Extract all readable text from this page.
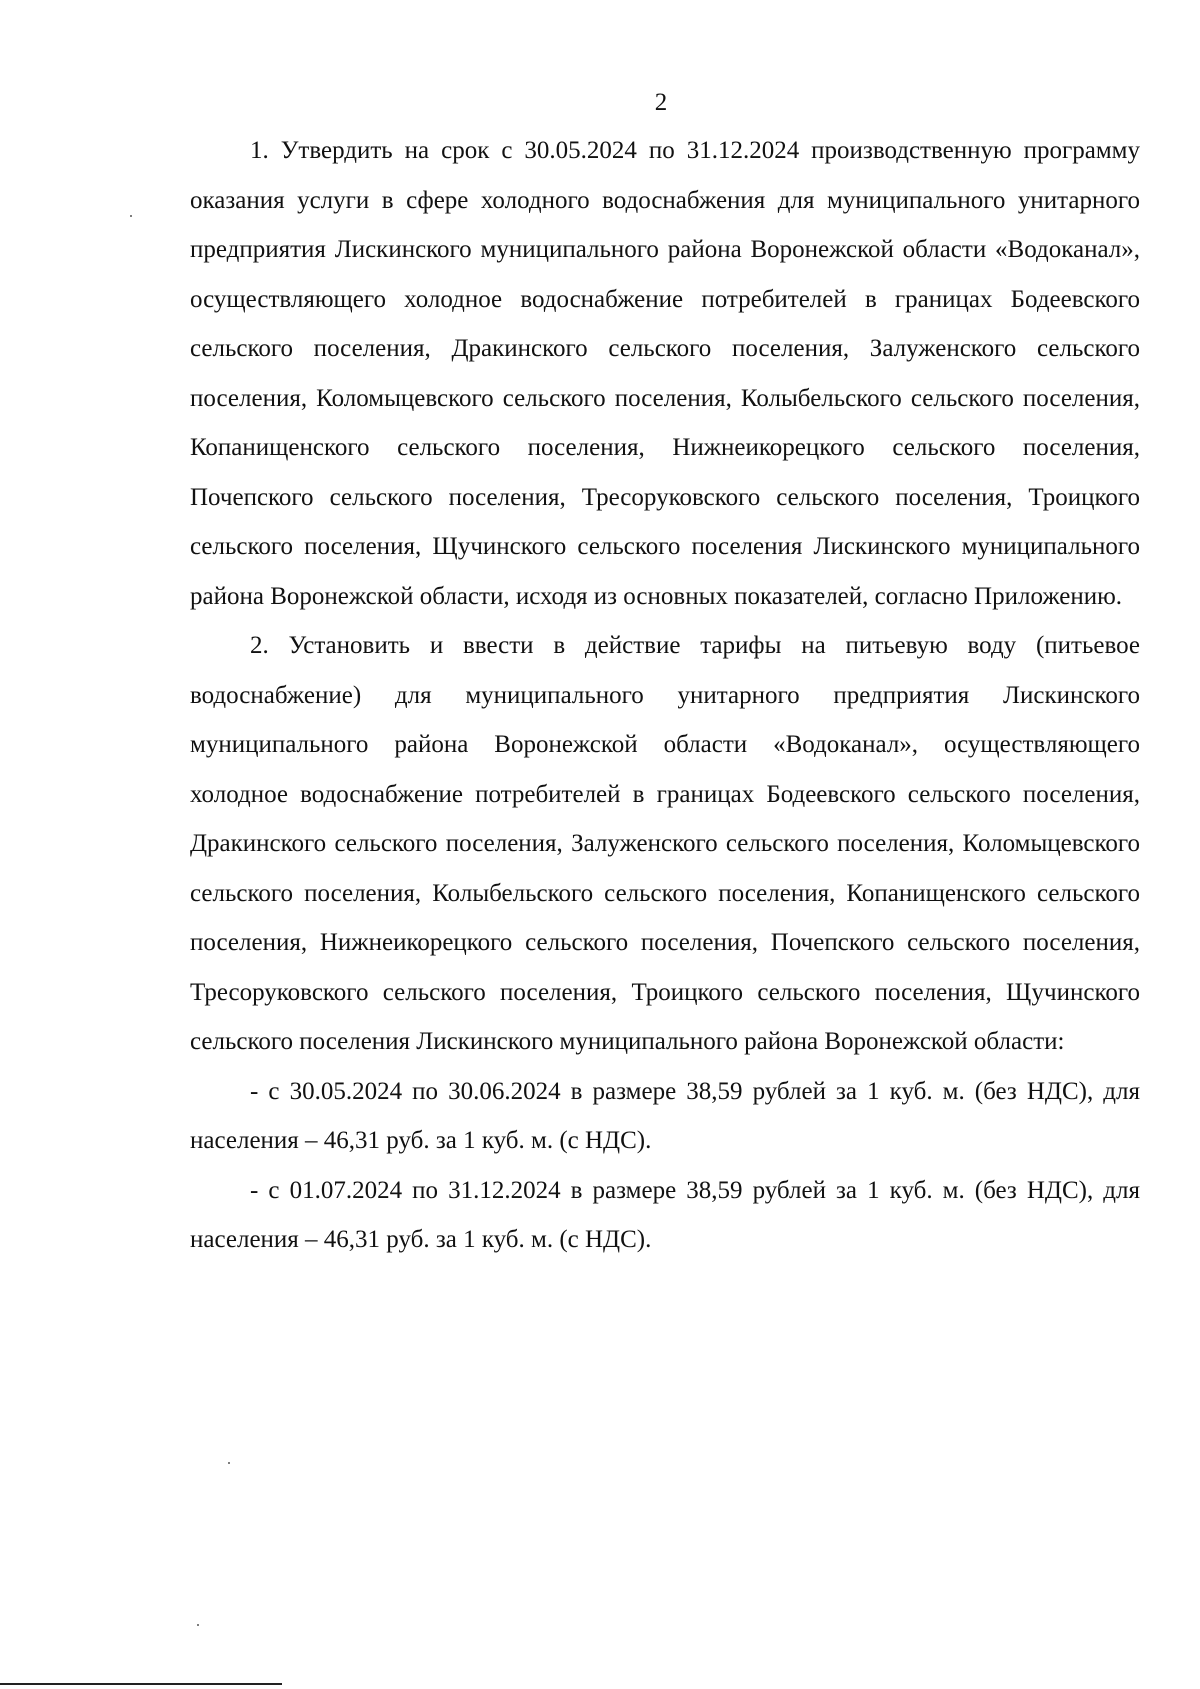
2

1. Утвердить на срок с 30.05.2024 по 31.12.2024 производственную программу оказания услуги в сфере холодного водоснабжения для муниципального унитарного предприятия Лискинского муниципального района Воронежской области «Водоканал», осуществляющего холодное водоснабжение потребителей в границах Бодеевского сельского поселения, Дракинского сельского поселения, Залуженского сельского поселения, Коломыцевского сельского поселения, Колыбельского сельского поселения, Копанищенского сельского поселения, Нижнеикорецкого сельского поселения, Почепского сельского поселения, Тресоруковского сельского поселения, Троицкого сельского поселения, Щучинского сельского поселения Лискинского муниципального района Воронежской области, исходя из основных показателей, согласно Приложению.

2. Установить и ввести в действие тарифы на питьевую воду (питьевое водоснабжение) для муниципального унитарного предприятия Лискинского муниципального района Воронежской области «Водоканал», осуществляющего холодное водоснабжение потребителей в границах Бодеевского сельского поселения, Дракинского сельского поселения, Залуженского сельского поселения, Коломыцевского сельского поселения, Колыбельского сельского поселения, Копанищенского сельского поселения, Нижнеикорецкого сельского поселения, Почепского сельского поселения, Тресоруковского сельского поселения, Троицкого сельского поселения, Щучинского сельского поселения Лискинского муниципального района Воронежской области:

- с 30.05.2024 по 30.06.2024 в размере 38,59 рублей за 1 куб. м. (без НДС), для населения – 46,31 руб. за 1 куб. м. (с НДС).

- с 01.07.2024 по 31.12.2024 в размере 38,59 рублей за 1 куб. м. (без НДС), для населения – 46,31 руб. за 1 куб. м. (с НДС).
